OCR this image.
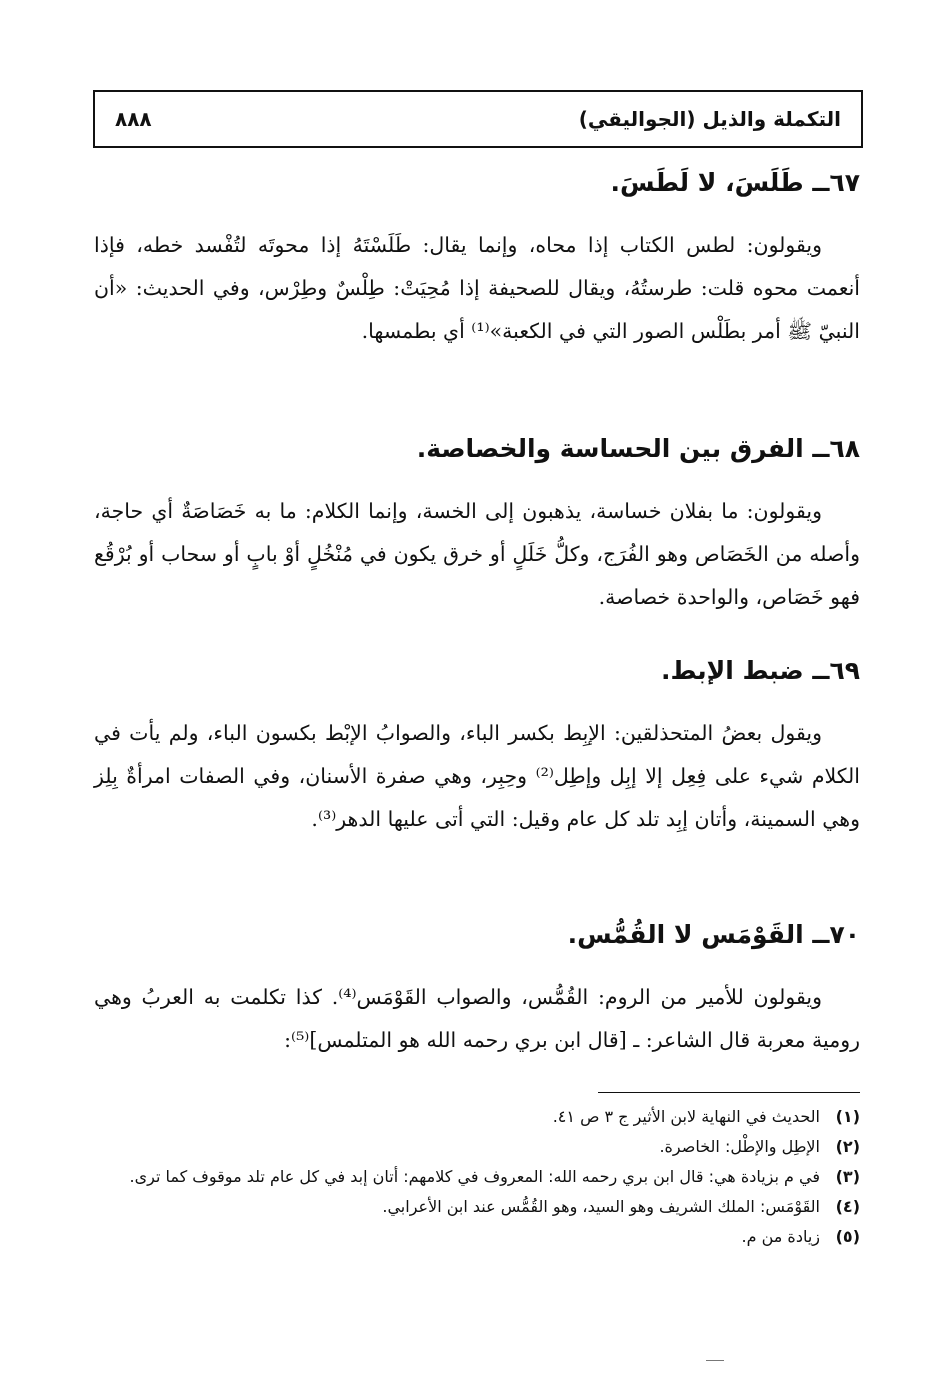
التكملة والذيل (الجواليقي)
٨٨٨
٦٧ــ طَلَسَ، لا لَطَسَ.

ويقولون: لطس الكتاب إذا محاه، وإنما يقال: طَلَسْتَهُ إذا محوتَه لتُفْسد خطه، فإذا أنعمت محوه قلت: طرستُهُ، ويقال للصحيفة إذا مُحِيَتْ: طِلْسٌ وطِرْس، وفي الحديث: «أن النبيّ ﷺ أمر بطَلْس الصور التي في الكعبة»⁽¹⁾ أي بطمسها.

٦٨ــ الفرق بين الحساسة والخصاصة.

ويقولون: ما بفلان خساسة، يذهبون إلى الخسة، وإنما الكلام: ما به خَصَاصَةٌ أي حاجة، وأصله من الخَصَاص وهو الفُرَج، وكلُّ خَلَلٍ أو خرق يكون في مُنْخُلٍ أوْ بابٍ أو سحاب أو بُرْقُع فهو خَصَاص، والواحدة خصاصة.

٦٩ــ ضبط الإبط.

ويقول بعضُ المتحذلقين: الإبِط بكسر الباء، والصوابُ الإبْط بكسون الباء، ولم يأت في الكلام شيء على فِعِل إلا إبِل وإطِل⁽²⁾ وحِبِر، وهي صفرة الأسنان، وفي الصفات امرأةٌ بِلِز وهي السمينة، وأتان إبِد تلد كل عام وقيل: التي أتى عليها الدهر⁽³⁾.

٧٠ــ القَوْمَس لا القُمُّس.

ويقولون للأمير من الروم: القُمُّس، والصواب القَوْمَس⁽⁴⁾. كذا تكلمت به العربُ وهي رومية معربة قال الشاعر: ـ [قال ابن بري رحمه الله هو المتلمس]⁽⁵⁾:

(١)
الحديث في النهاية لابن الأثير ج ٣ ص ٤١.
(٢)
الإطِل والإطْل: الخاصرة.
(٣)
في م بزيادة هي: قال ابن بري رحمه الله: المعروف في كلامهم: أتان إبد في كل عام تلد موقوف كما ترى.
(٤)
القَوْمَس: الملك الشريف وهو السيد، وهو القُمُّس عند ابن الأعرابي.
(٥)
زيادة من م.
